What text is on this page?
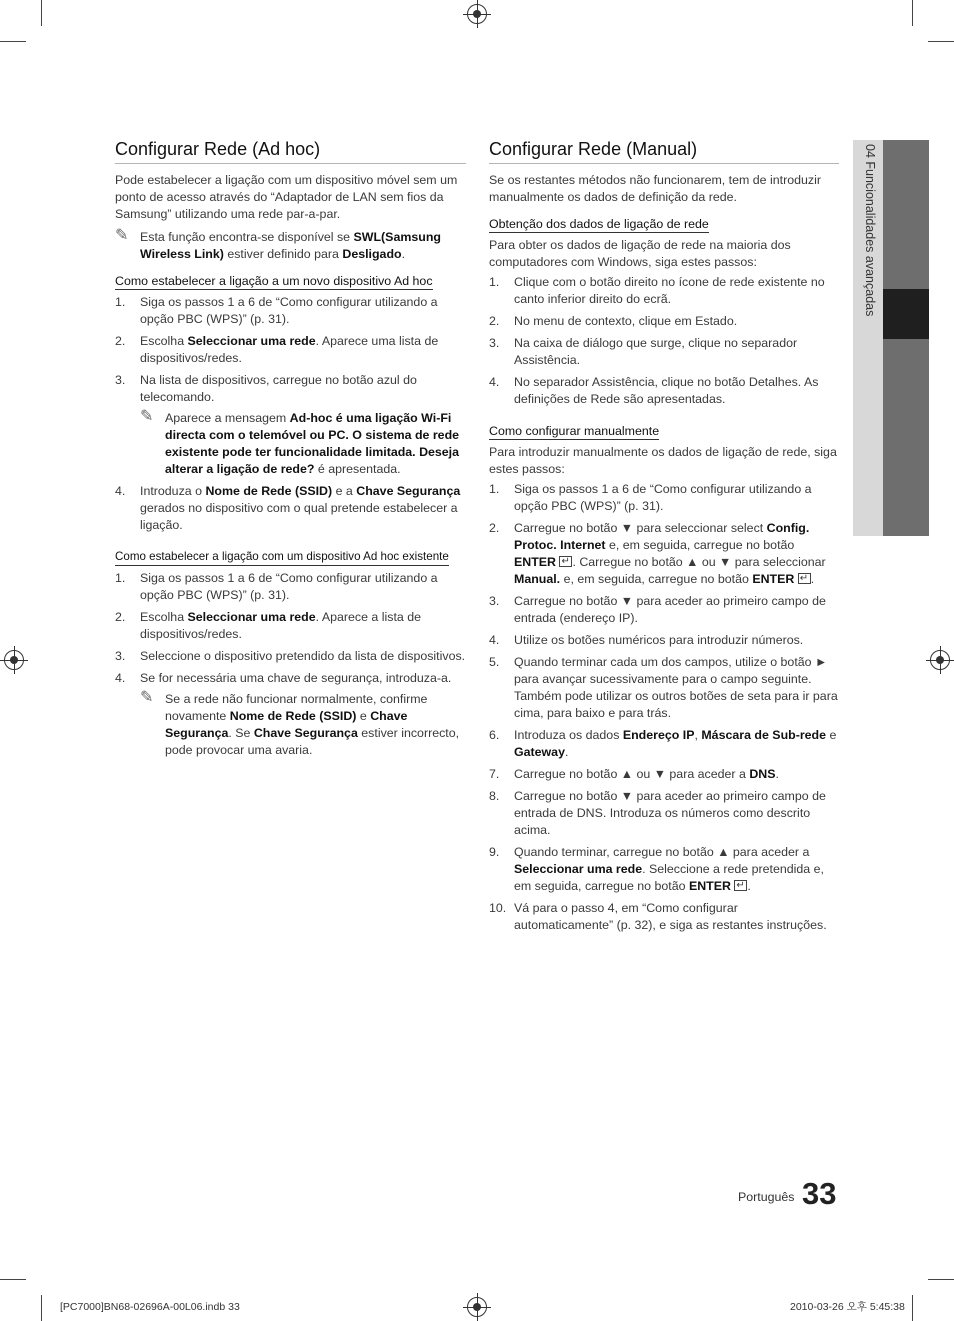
Configurar Rede (Ad hoc)

Pode estabelecer a ligação com um dispositivo móvel sem um ponto de acesso através do “Adaptador de LAN sem fios da Samsung” utilizando uma rede par-a-par.

✎ Esta função encontra-se disponível se SWL(Samsung Wireless Link) estiver definido para Desligado.
Como estabelecer a ligação a um novo dispositivo Ad hoc
1.	Siga os passos 1 a 6 de “Como configurar utilizando a opção PBC (WPS)” (p. 31).
2.	Escolha Seleccionar uma rede. Aparece uma lista de dispositivos/redes.
3.	Na lista de dispositivos, carregue no botão azul do telecomando.
✎ Aparece a mensagem Ad-hoc é uma ligação Wi-Fi directa com o telemóvel ou PC. O sistema de rede existente pode ter funcionalidade limitada. Deseja alterar a ligação de rede? é apresentada.
4.	Introduza o Nome de Rede (SSID) e a Chave Segurança gerados no dispositivo com o qual pretende estabelecer a ligação.
Como estabelecer a ligação com um dispositivo Ad hoc existente
1.	Siga os passos 1 a 6 de “Como configurar utilizando a opção PBC (WPS)” (p. 31).
2.	Escolha Seleccionar uma rede. Aparece a lista de dispositivos/redes.
3.	Seleccione o dispositivo pretendido da lista de dispositivos.
4.	Se for necessária uma chave de segurança, introduza-a.
✎ Se a rede não funcionar normalmente, confirme novamente Nome de Rede (SSID) e Chave Segurança. Se Chave Segurança estiver incorrecto, pode provocar uma avaria.
Configurar Rede (Manual)

Se os restantes métodos não funcionarem, tem de introduzir manualmente os dados de definição da rede.

Obtenção dos dados de ligação de rede

Para obter os dados de ligação de rede na maioria dos computadores com Windows, siga estes passos:

1.	Clique com o botão direito no ícone de rede existente no canto inferior direito do ecrã.
2.	No menu de contexto, clique em Estado.
3.	Na caixa de diálogo que surge, clique no separador Assistência.
4.	No separador Assistência, clique no botão Detalhes. As definições de Rede são apresentadas.
Como configurar manualmente

Para introduzir manualmente os dados de ligação de rede, siga estes passos:

1.	Siga os passos 1 a 6 de “Como configurar utilizando a opção PBC (WPS)” (p. 31).
2.	Carregue no botão ▼ para seleccionar select Config. Protoc. Internet e, em seguida, carregue no botão ENTER ↵ . Carregue no botão ▲ ou ▼ para seleccionar Manual. e, em seguida, carregue no botão ENTER ↵ .
3.	Carregue no botão ▼ para aceder ao primeiro campo de entrada (endereço IP).
4.	Utilize os botões numéricos para introduzir números.
5.	Quando terminar cada um dos campos, utilize o botão ► para avançar sucessivamente para o campo seguinte. Também pode utilizar os outros botões de seta para ir para cima, para baixo e para trás.
6.	Introduza os dados Endereço IP, Máscara de Sub-rede e Gateway.
7.	Carregue no botão ▲ ou ▼ para aceder a DNS.
8.	Carregue no botão ▼ para aceder ao primeiro campo de entrada de DNS. Introduza os números como descrito acima.
9.	Quando terminar, carregue no botão ▲ para aceder a Seleccionar uma rede. Seleccione a rede pretendida e, em seguida, carregue no botão ENTER ↵ .
10. Vá para o passo 4, em “Como configurar automaticamente” (p. 32), e siga as restantes instruções.
04 Funcionalidades avançadas
Português 33
[PC7000]BN68-02696A-00L06.indb 33	2010-03-26 오후 5:45:38
